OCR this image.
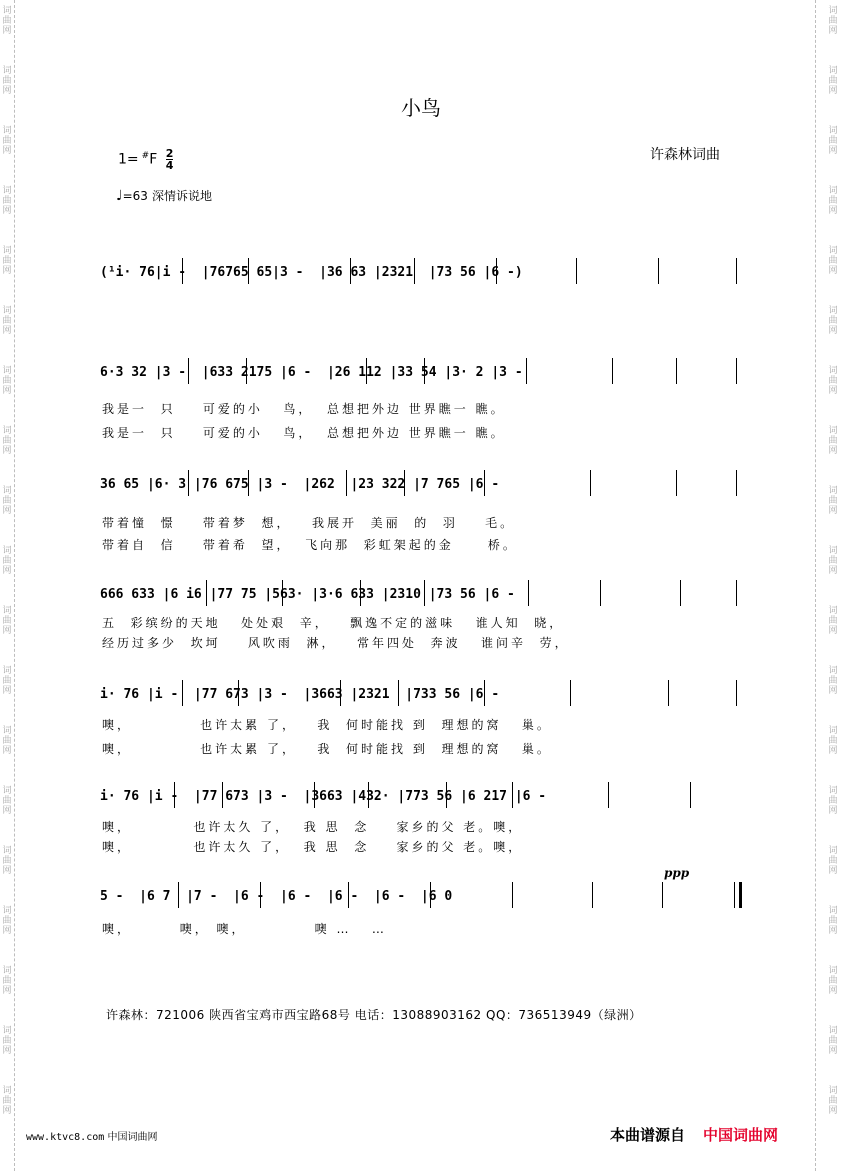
词
曲
网
词
曲
网
词
曲
网
词
曲
网
词
曲
网
词
曲
网
词
曲
网
词
曲
网
词
曲
网
词
曲
网
词
曲
网
词
曲
网
词
曲
网
词
曲
网
词
曲
网
词
曲
网
词
曲
网
词
曲
网
词
曲
网
词
曲
网
词
曲
网
词
曲
网
词
曲
网
词
曲
网
词
曲
网
词
曲
网
词
曲
网
词
曲
网
词
曲
网
词
曲
网
词
曲
网
词
曲
网
词
曲
网
词
曲
网
词
曲
网
词
曲
网
词
曲
网
词
曲
网
小鸟
$1= ^{\#}F \frac{2}{4}$	许森林词曲
♩=63 深情诉说地
(¹i· 76|i -  |76765 65|3 -  |36 63 |2321  |73 56 |6 -)
6·3 32 |3 -  |633 2175 |6 -  |26 112 |33 54 |3· 2 |3 -
我是一  只    可爱的小   鸟，  总想把外边 世界瞧一 瞧。
我是一  只    可爱的小   鸟，  总想把外边 世界瞧一 瞧。
36 65 |6· 3 |76 675 |3 -  |262  |23 322 |7 765 |6 -
带着憧  憬    带着梦  想，   我展开  美丽  的  羽    毛。
带着自  信    带着希  望，  飞向那  彩虹架起的金     桥。
666 633 |6 i6 |77 75 |563· |3·6 633 |2310 |73 56 |6 -
五  彩缤纷的天地   处处艰  辛，   飘逸不定的滋味   谁人知  晓，
经历过多少  坎坷    风吹雨  淋，   常年四处  奔波   谁问辛  劳，
i· 76 |i -  |77 673 |3 -  |3663 |2321  |733 56 |6 -
噢，          也许太累 了，   我  何时能找 到  理想的窝   巢。
噢，          也许太累 了，   我  何时能找 到  理想的窝   巢。
i· 76 |i -  |77 673 |3 -  |3663 |432· |773 56 |6 217 |6 -
噢，         也许太久 了，  我 思  念    家乡的父 老。噢，
噢，         也许太久 了，  我 思  念    家乡的父 老。噢，
ppp
5 -  |6 7  |7 -  |6 -  |6 -  |6 -  |6 -  |6 0
噢，       噢， 噢，          噢 …   …
许森林：721006 陕西省宝鸡市西宝路68号 电话：13088903162 QQ：736513949（绿洲）
www.ktvc8.com 中国词曲网	本曲谱源自 中国词曲网
